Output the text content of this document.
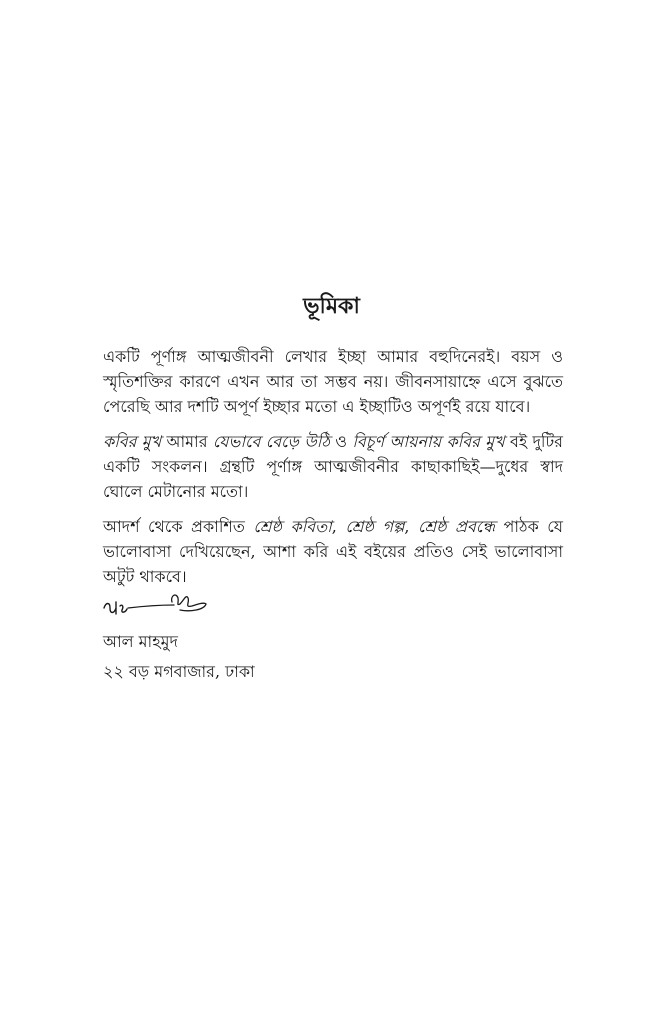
ভূমিকা

একটি পূর্ণাঙ্গ আত্মজীবনী লেখার ইচ্ছা আমার বহুদিনেরই। বয়স ও স্মৃতিশক্তির কারণে এখন আর তা সম্ভব নয়। জীবনসায়াহ্নে এসে বুঝতে পেরেছি আর দশটি অপূর্ণ ইচ্ছার মতো এ ইচ্ছাটিও অপূর্ণই রয়ে যাবে।

কবির মুখ আমার যেভাবে বেড়ে উঠি ও বিচূর্ণ আয়নায় কবির মুখ বই দুটির একটি সংকলন। গ্রন্থটি পূর্ণাঙ্গ আত্মজীবনীর কাছাকাছিই—দুধের স্বাদ ঘোলে মেটানোর মতো।

আদর্শ থেকে প্রকাশিত শ্রেষ্ঠ কবিতা, শ্রেষ্ঠ গল্প, শ্রেষ্ঠ প্রবন্ধে পাঠক যে ভালোবাসা দেখিয়েছেন, আশা করি এই বইয়ের প্রতিও সেই ভালোবাসা অটুট থাকবে।

আল মাহমুদ
২২ বড় মগবাজার, ঢাকা
